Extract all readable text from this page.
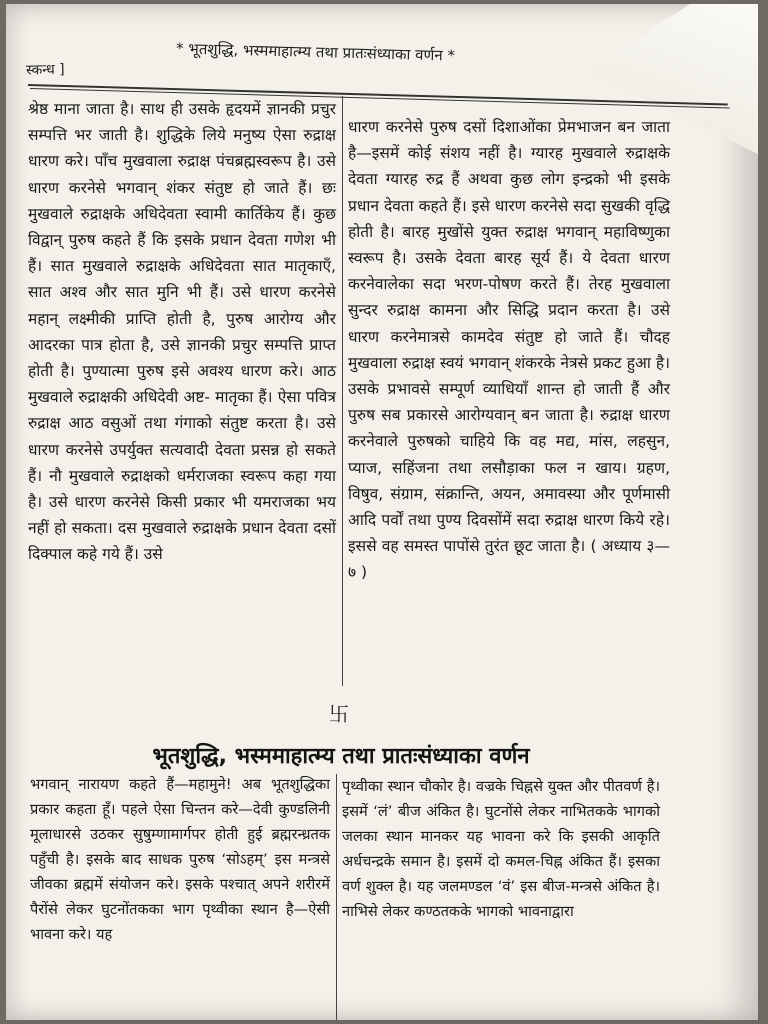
स्कन्ध ]
* भूतशुद्धि, भस्ममाहात्म्य तथा प्रातःसंध्याका वर्णन *

श्रेष्ठ माना जाता है। साथ ही उसके हृदयमें ज्ञानकी प्रचुर सम्पत्ति भर जाती है। शुद्धिके लिये मनुष्य ऐसा रुद्राक्ष धारण करे। पाँच मुखवाला रुद्राक्ष पंचब्रह्मस्वरूप है। उसे धारण करनेसे भगवान् शंकर संतुष्ट हो जाते हैं। छः मुखवाले रुद्राक्षके अधिदेवता स्वामी कार्तिकेय हैं। कुछ विद्वान् पुरुष कहते हैं कि इसके प्रधान देवता गणेश भी हैं। सात मुखवाले रुद्राक्षके अधिदेवता सात मातृकाएँ, सात अश्व और सात मुनि भी हैं। उसे धारण करनेसे महान् लक्ष्मीकी प्राप्ति होती है, पुरुष आरोग्य और आदरका पात्र होता है, उसे ज्ञानकी प्रचुर सम्पत्ति प्राप्त होती है। पुण्यात्मा पुरुष इसे अवश्य धारण करे। आठ मुखवाले रुद्राक्षकी अधिदेवी अष्ट- मातृका हैं। ऐसा पवित्र रुद्राक्ष आठ वसुओं तथा गंगाको संतुष्ट करता है। उसे धारण करनेसे उपर्युक्त सत्यवादी देवता प्रसन्न हो सकते हैं। नौ मुखवाले रुद्राक्षको धर्मराजका स्वरूप कहा गया है। उसे धारण करनेसे किसी प्रकार भी यमराजका भय नहीं हो सकता। दस मुखवाले रुद्राक्षके प्रधान देवता दसों दिक्पाल कहे गये हैं। उसे

धारण करनेसे पुरुष दसों दिशाओंका प्रेमभाजन बन जाता है—इसमें कोई संशय नहीं है। ग्यारह मुखवाले रुद्राक्षके देवता ग्यारह रुद्र हैं अथवा कुछ लोग इन्द्रको भी इसके प्रधान देवता कहते हैं। इसे धारण करनेसे सदा सुखकी वृद्धि होती है। बारह मुखोंसे युक्त रुद्राक्ष भगवान् महाविष्णुका स्वरूप है। उसके देवता बारह सूर्य हैं। ये देवता धारण करनेवालेका सदा भरण-पोषण करते हैं। तेरह मुखवाला सुन्दर रुद्राक्ष कामना और सिद्धि प्रदान करता है। उसे धारण करनेमात्रसे कामदेव संतुष्ट हो जाते हैं। चौदह मुखवाला रुद्राक्ष स्वयं भगवान् शंकरके नेत्रसे प्रकट हुआ है। उसके प्रभावसे सम्पूर्ण व्याधियाँ शान्त हो जाती हैं और पुरुष सब प्रकारसे आरोग्यवान् बन जाता है। रुद्राक्ष धारण करनेवाले पुरुषको चाहिये कि वह मद्य, मांस, लहसुन, प्याज, सहिंजना तथा लसौड़ाका फल न खाय। ग्रहण, विषुव, संग्राम, संक्रान्ति, अयन, अमावस्या और पूर्णमासी आदि पर्वों तथा पुण्य दिवसोंमें सदा रुद्राक्ष धारण किये रहे। इससे वह समस्त पापोंसे तुरंत छूट जाता है। ( अध्याय ३—७ )

卐
भूतशुद्धि, भस्ममाहात्म्य तथा प्रातःसंध्याका वर्णन

भगवान् नारायण कहते हैं—महामुने! अब भूतशुद्धिका प्रकार कहता हूँ। पहले ऐसा चिन्तन करे—देवी कुण्डलिनी मूलाधारसे उठकर सुषुम्णामार्गपर होती हुई ब्रह्मरन्ध्रतक पहुँची है। इसके बाद साधक पुरुष ‘सोऽहम्’ इस मन्त्रसे जीवका ब्रह्ममें संयोजन करे। इसके पश्चात् अपने शरीरमें पैरोंसे लेकर घुटनोंतकका भाग पृथ्वीका स्थान है—ऐसी भावना करे। यह

पृथ्वीका स्थान चौकोर है। वज्रके चिह्नसे युक्त और पीतवर्ण है। इसमें ‘लं’ बीज अंकित है। घुटनोंसे लेकर नाभितकके भागको जलका स्थान मानकर यह भावना करे कि इसकी आकृति अर्धचन्द्रके समान है। इसमें दो कमल-चिह्न अंकित हैं। इसका वर्ण शुक्ल है। यह जलमण्डल ‘वं’ इस बीज-मन्त्रसे अंकित है। नाभिसे लेकर कण्ठतकके भागको भावनाद्वारा
